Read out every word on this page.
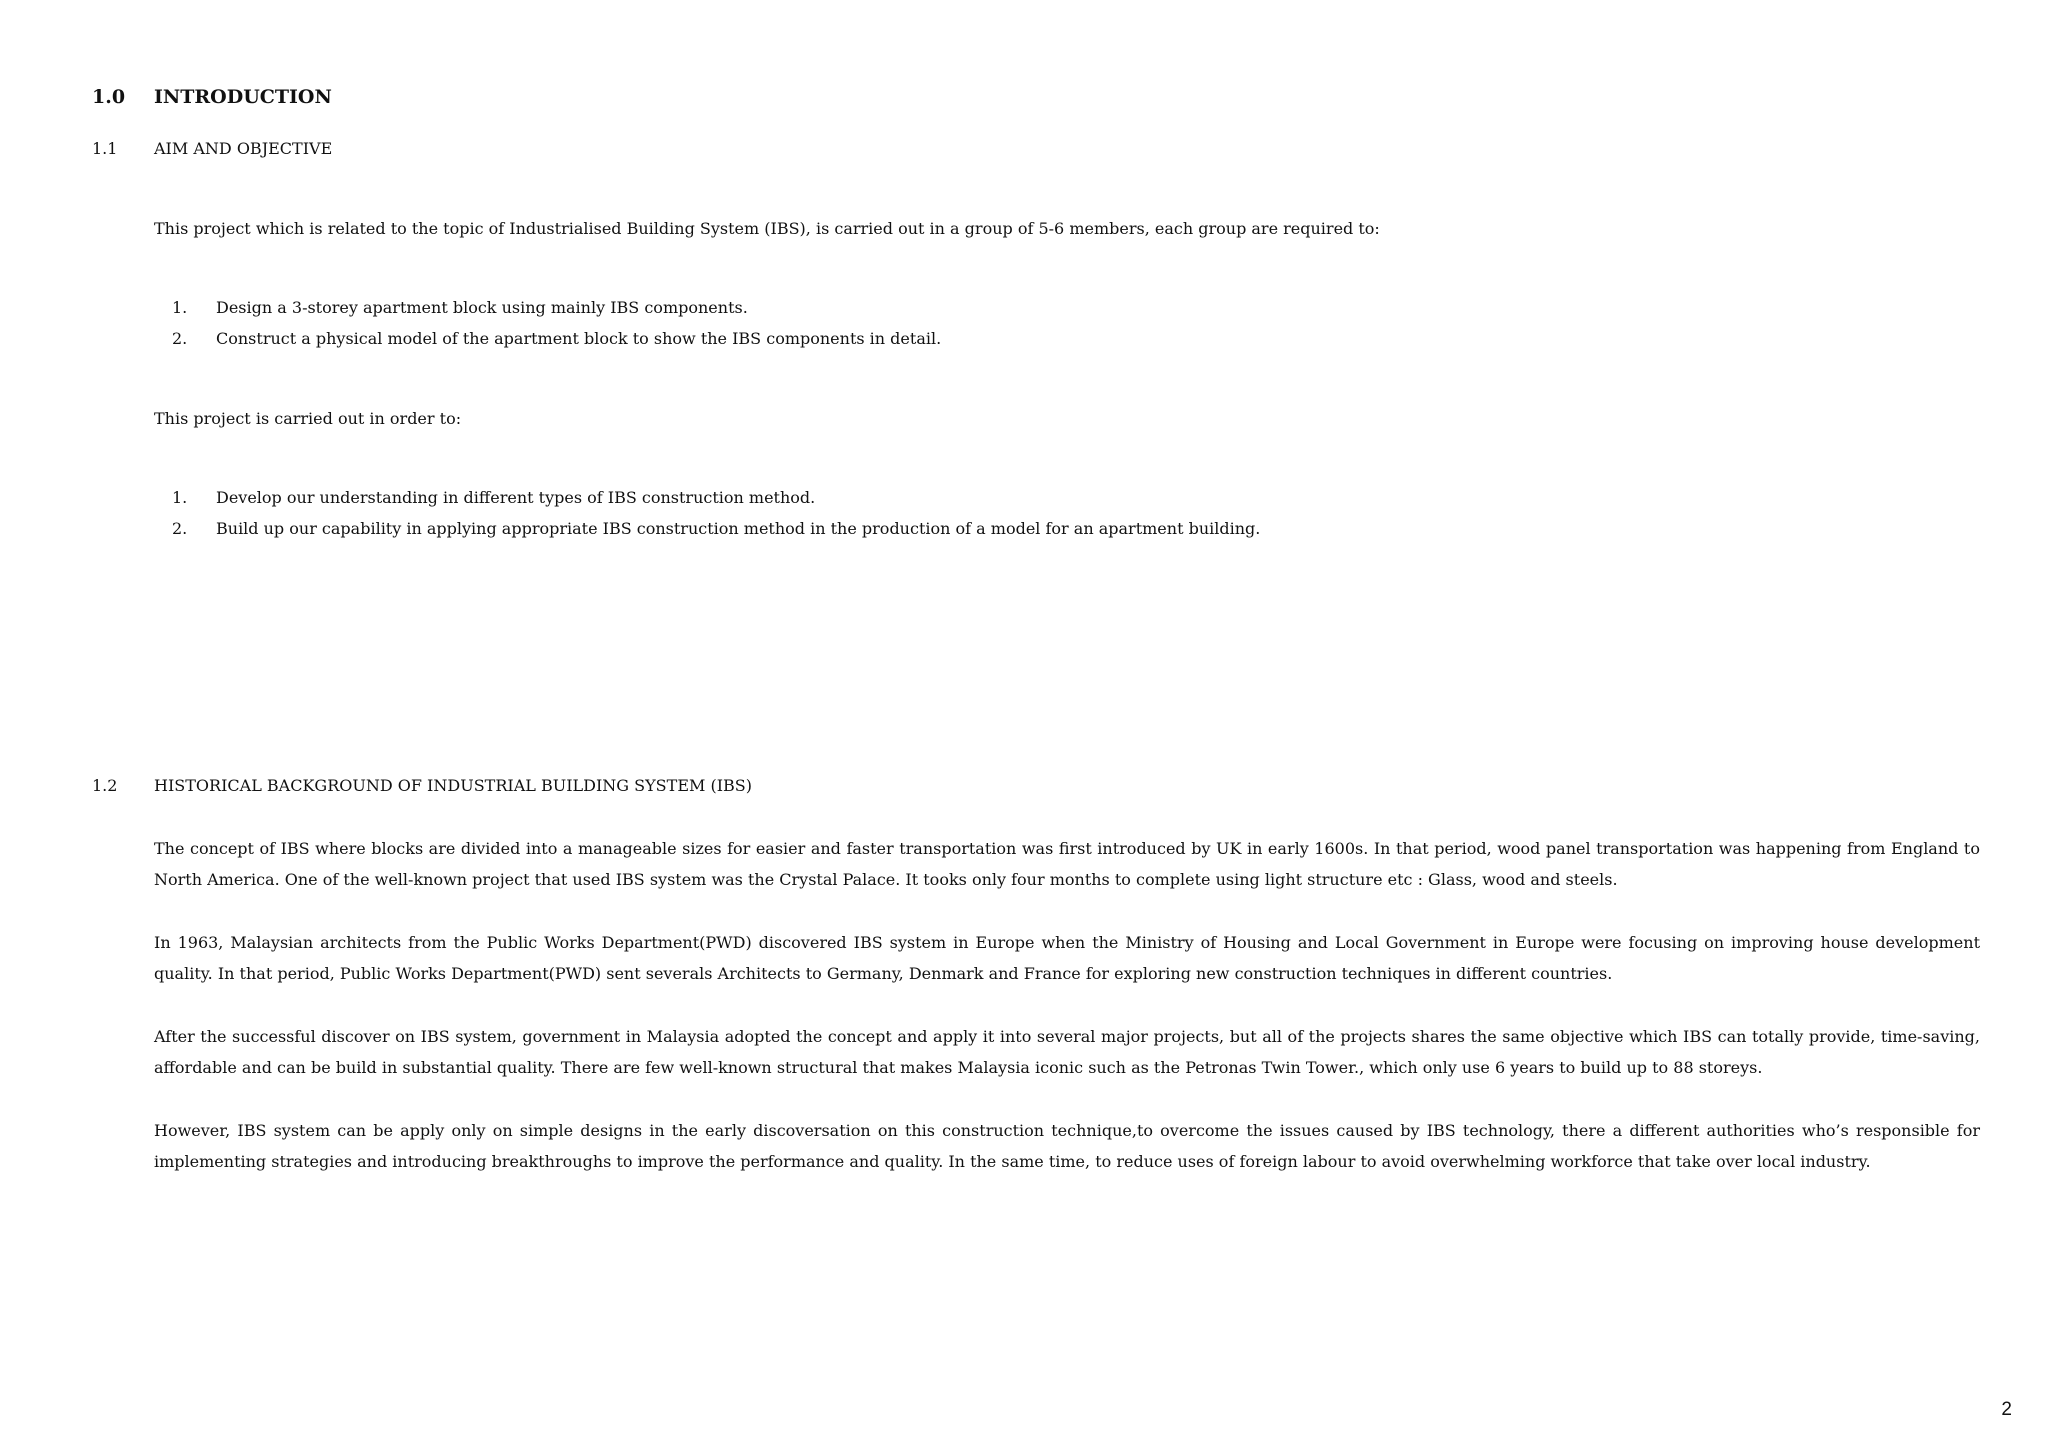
1.0 INTRODUCTION
1.1 AIM AND OBJECTIVE
This project which is related to the topic of Industrialised Building System (IBS), is carried out in a group of 5-6 members, each group are required to:
1. Design a 3-storey apartment block using mainly IBS components.
2. Construct a physical model of the apartment block to show the IBS components in detail.
This project is carried out in order to:
1. Develop our understanding in different types of IBS construction method.
2. Build up our capability in applying appropriate IBS construction method in the production of a model for an apartment building.
1.2 HISTORICAL BACKGROUND OF INDUSTRIAL BUILDING SYSTEM (IBS)
The concept of IBS where blocks are divided into a manageable sizes for easier and faster transportation was first introduced by UK in early 1600s. In that period, wood panel transportation was happening from England to North America. One of the well-known project that used IBS system was the Crystal Palace. It tooks only four months to complete using light structure etc : Glass, wood and steels.
In 1963, Malaysian architects from the Public Works Department(PWD) discovered IBS system in Europe when the Ministry of Housing and Local Government in Europe were focusing on improving house development quality. In that period, Public Works Department(PWD) sent severals Architects to Germany, Denmark and France for exploring new construction techniques in different countries.
After the successful discover on IBS system, government in Malaysia adopted the concept and apply it into several major projects, but all of the projects shares the same objective which IBS can totally provide, time-saving, affordable and can be build in substantial quality. There are few well-known structural that makes Malaysia iconic such as the Petronas Twin Tower., which only use 6 years to build up to 88 storeys.
However, IBS system can be apply only on simple designs in the early discoversation on this construction technique,to overcome the issues caused by IBS technology, there a different authorities who’s responsible for implementing strategies and introducing breakthroughs to improve the performance and quality. In the same time, to reduce uses of foreign labour to avoid overwhelming workforce that take over local industry.
2
